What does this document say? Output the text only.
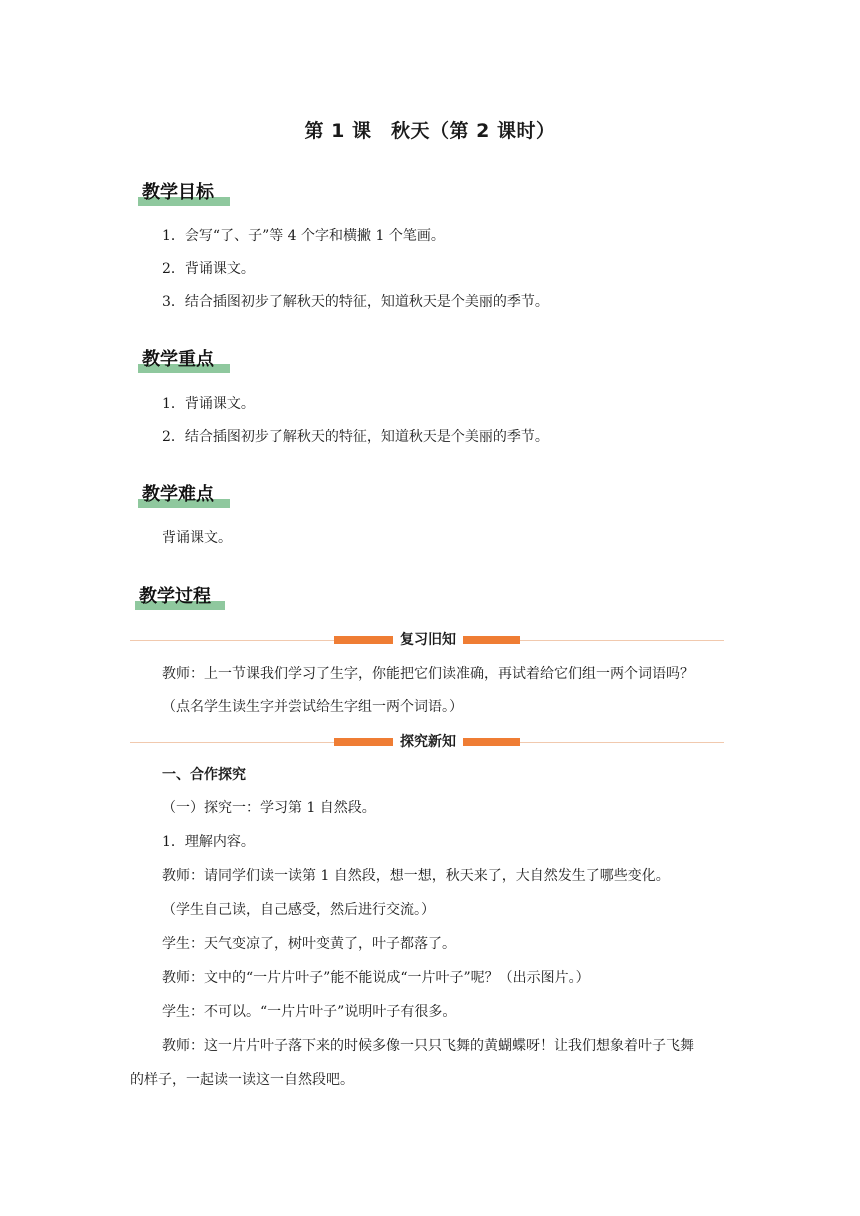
第 1 课　秋天（第 2 课时）
教学目标
1．会写“了、子”等 4 个字和横撇 1 个笔画。
2．背诵课文。
3．结合插图初步了解秋天的特征，知道秋天是个美丽的季节。
教学重点
1．背诵课文。
2．结合插图初步了解秋天的特征，知道秋天是个美丽的季节。
教学难点
背诵课文。
教学过程
复习旧知
教师：上一节课我们学习了生字，你能把它们读准确，再试着给它们组一两个词语吗？
（点名学生读生字并尝试给生字组一两个词语。）
探究新知
一、合作探究
（一）探究一：学习第 1 自然段。
1．理解内容。
教师：请同学们读一读第 1 自然段，想一想，秋天来了，大自然发生了哪些变化。
（学生自己读，自己感受，然后进行交流。）
学生：天气变凉了，树叶变黄了，叶子都落了。
教师：文中的“一片片叶子”能不能说成“一片叶子”呢？（出示图片。）
学生：不可以。“一片片叶子”说明叶子有很多。
教师：这一片片叶子落下来的时候多像一只只飞舞的黄蝴蝶呀！让我们想象着叶子飞舞
的样子，一起读一读这一自然段吧。
